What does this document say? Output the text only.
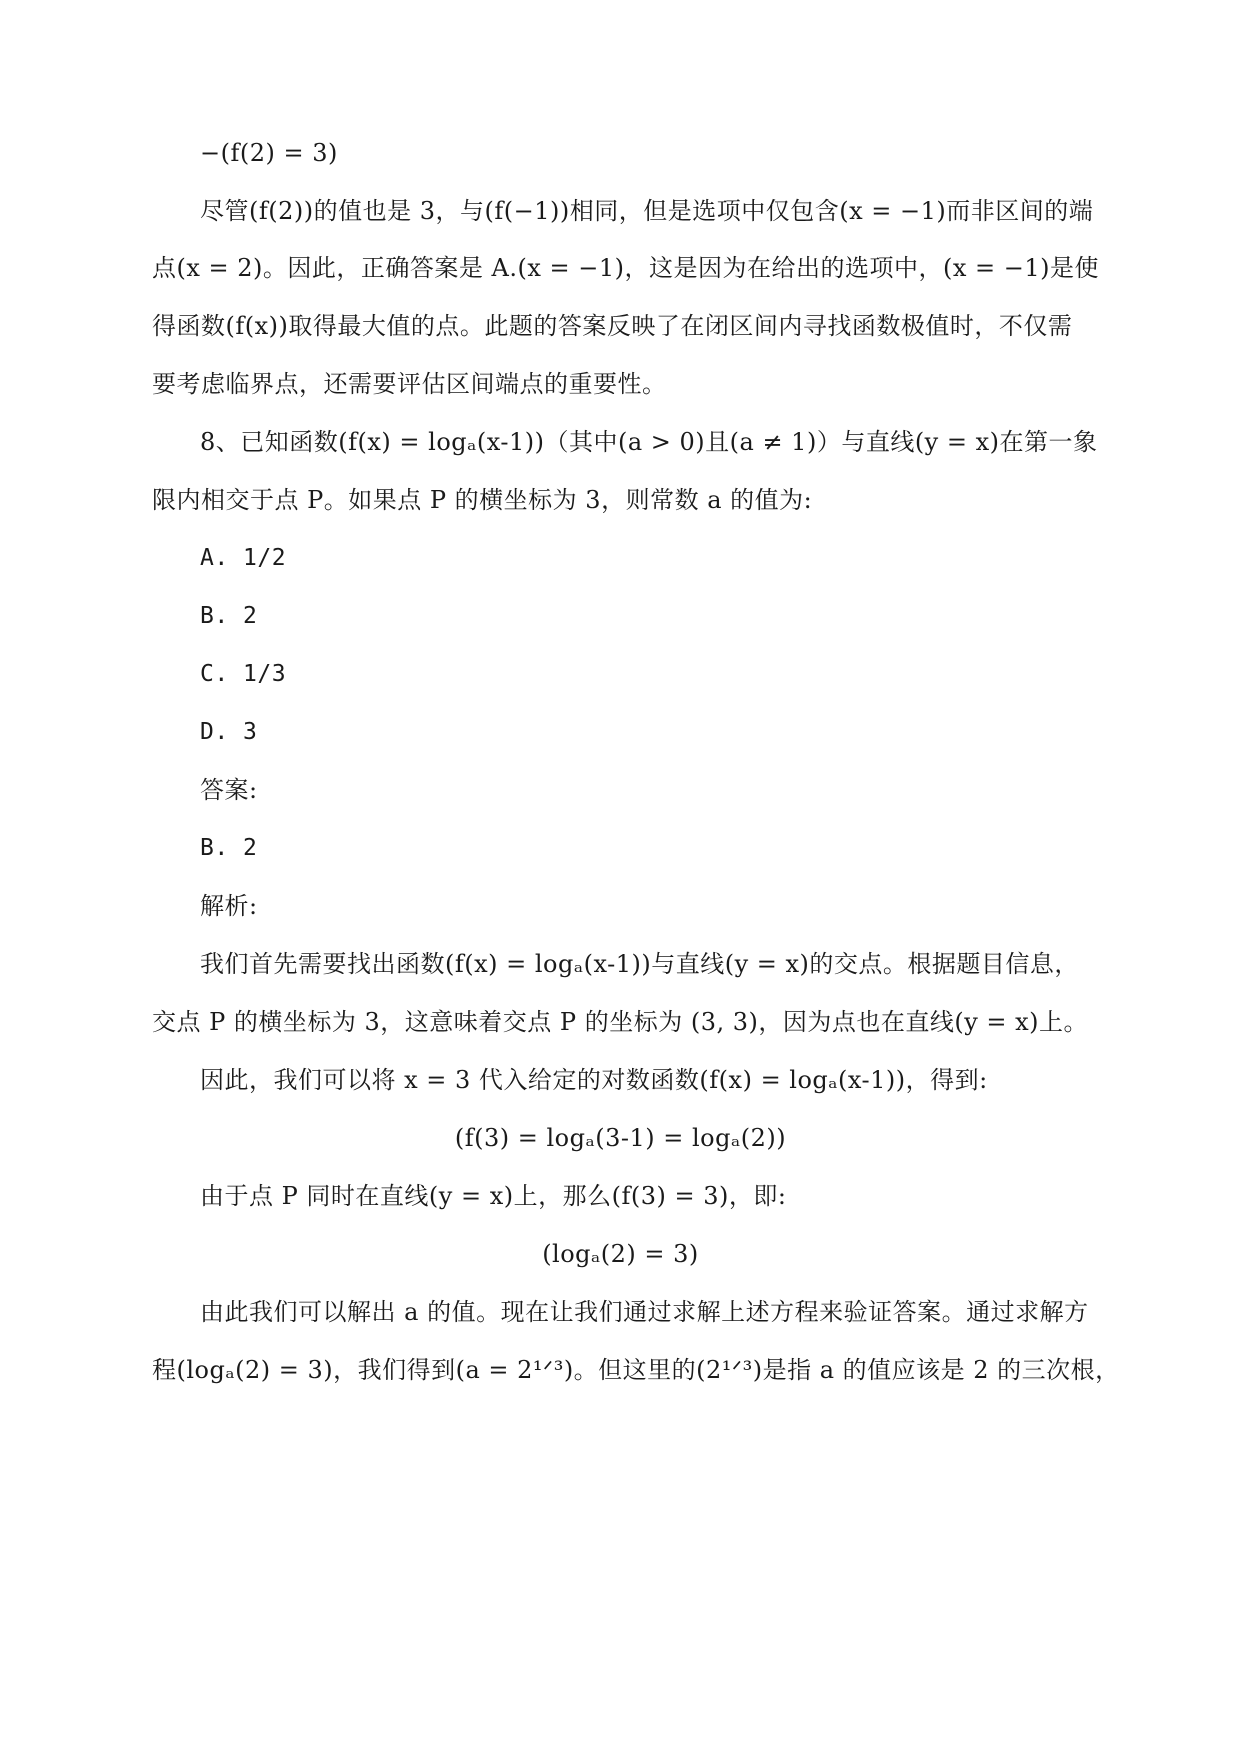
−(f(2) = 3)

尽管(f(2))的值也是 3，与(f(−1))相同，但是选项中仅包含(x = −1)而非区间的端

点(x = 2)。因此，正确答案是 A.(x = −1)，这是因为在给出的选项中，(x = −1)是使

得函数(f(x))取得最大值的点。此题的答案反映了在闭区间内寻找函数极值时，不仅需

要考虑临界点，还需要评估区间端点的重要性。

8、已知函数(f(x) = logₐ(x-1))（其中(a > 0)且(a ≠ 1)）与直线(y = x)在第一象

限内相交于点 P。如果点 P 的横坐标为 3，则常数 a 的值为:

A. 1/2

B. 2

C. 1/3

D. 3

答案:

B. 2

解析:

我们首先需要找出函数(f(x) = logₐ(x-1))与直线(y = x)的交点。根据题目信息，

交点 P 的横坐标为 3，这意味着交点 P 的坐标为 (3, 3)，因为点也在直线(y = x)上。

因此，我们可以将 x = 3 代入给定的对数函数(f(x) = logₐ(x-1))，得到:

(f(3) = logₐ(3-1) = logₐ(2))

由于点 P 同时在直线(y = x)上，那么(f(3) = 3)，即:

(logₐ(2) = 3)

由此我们可以解出 a 的值。现在让我们通过求解上述方程来验证答案。通过求解方

程(logₐ(2) = 3)，我们得到(a = 2¹ᐟ³)。但这里的(2¹ᐟ³)是指 a 的值应该是 2 的三次根，
